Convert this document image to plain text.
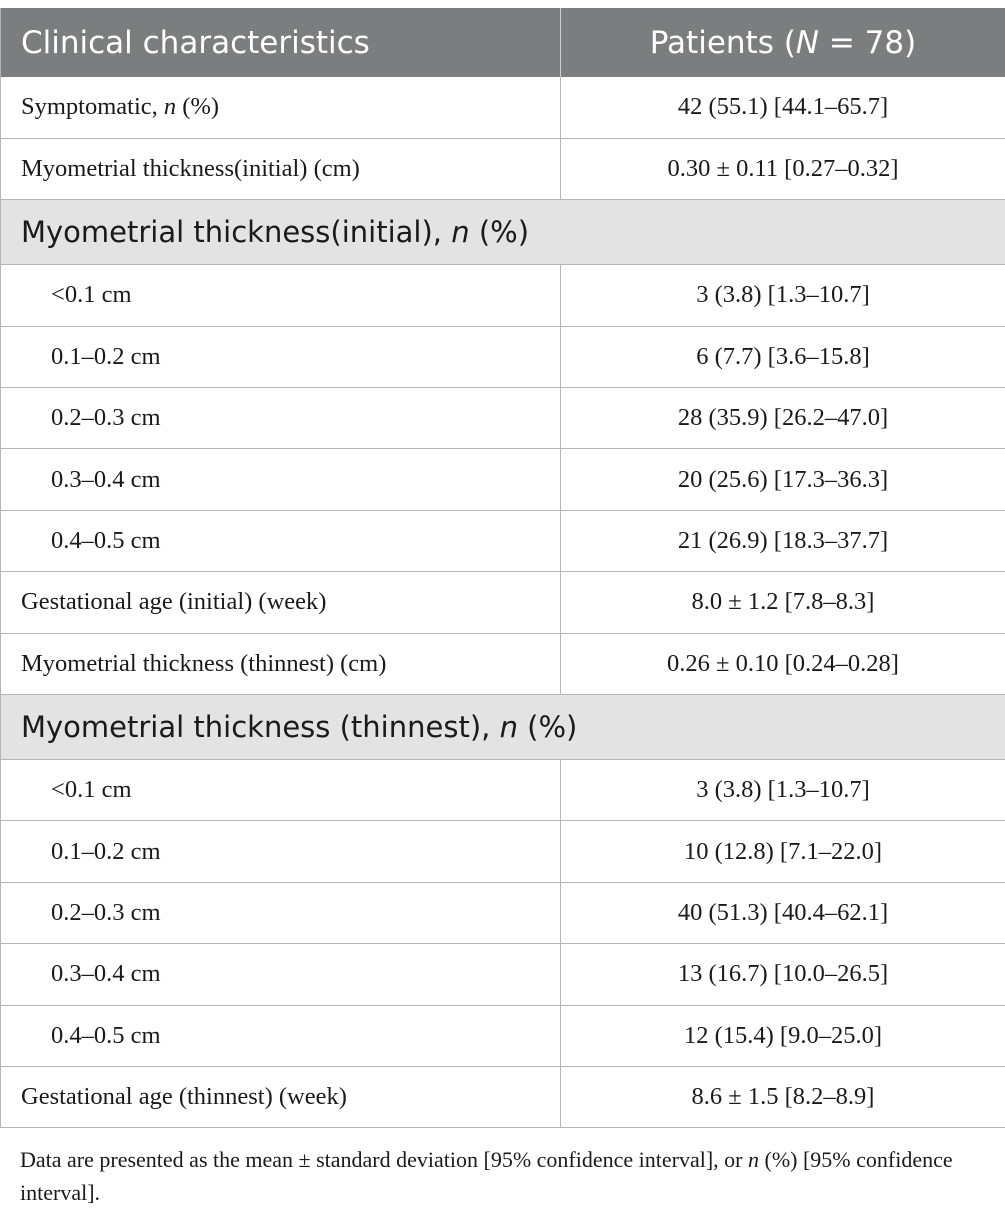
Clinical characteristics	Patients (N = 78)
Symptomatic, n (%)	42 (55.1) [44.1–65.7]
Myometrial thickness(initial) (cm)	0.30 ± 0.11 [0.27–0.32]
Myometrial thickness(initial), n (%)	
<0.1 cm	3 (3.8) [1.3–10.7]
0.1–0.2 cm	6 (7.7) [3.6–15.8]
0.2–0.3 cm	28 (35.9) [26.2–47.0]
0.3–0.4 cm	20 (25.6) [17.3–36.3]
0.4–0.5 cm	21 (26.9) [18.3–37.7]
Gestational age (initial) (week)	8.0 ± 1.2 [7.8–8.3]
Myometrial thickness (thinnest) (cm)	0.26 ± 0.10 [0.24–0.28]
Myometrial thickness (thinnest), n (%)	
<0.1 cm	3 (3.8) [1.3–10.7]
0.1–0.2 cm	10 (12.8) [7.1–22.0]
0.2–0.3 cm	40 (51.3) [40.4–62.1]
0.3–0.4 cm	13 (16.7) [10.0–26.5]
0.4–0.5 cm	12 (15.4) [9.0–25.0]
Gestational age (thinnest) (week)	8.6 ± 1.5 [8.2–8.9]
Data are presented as the mean ± standard deviation [95% confidence interval], or n (%) [95% confidence interval].
